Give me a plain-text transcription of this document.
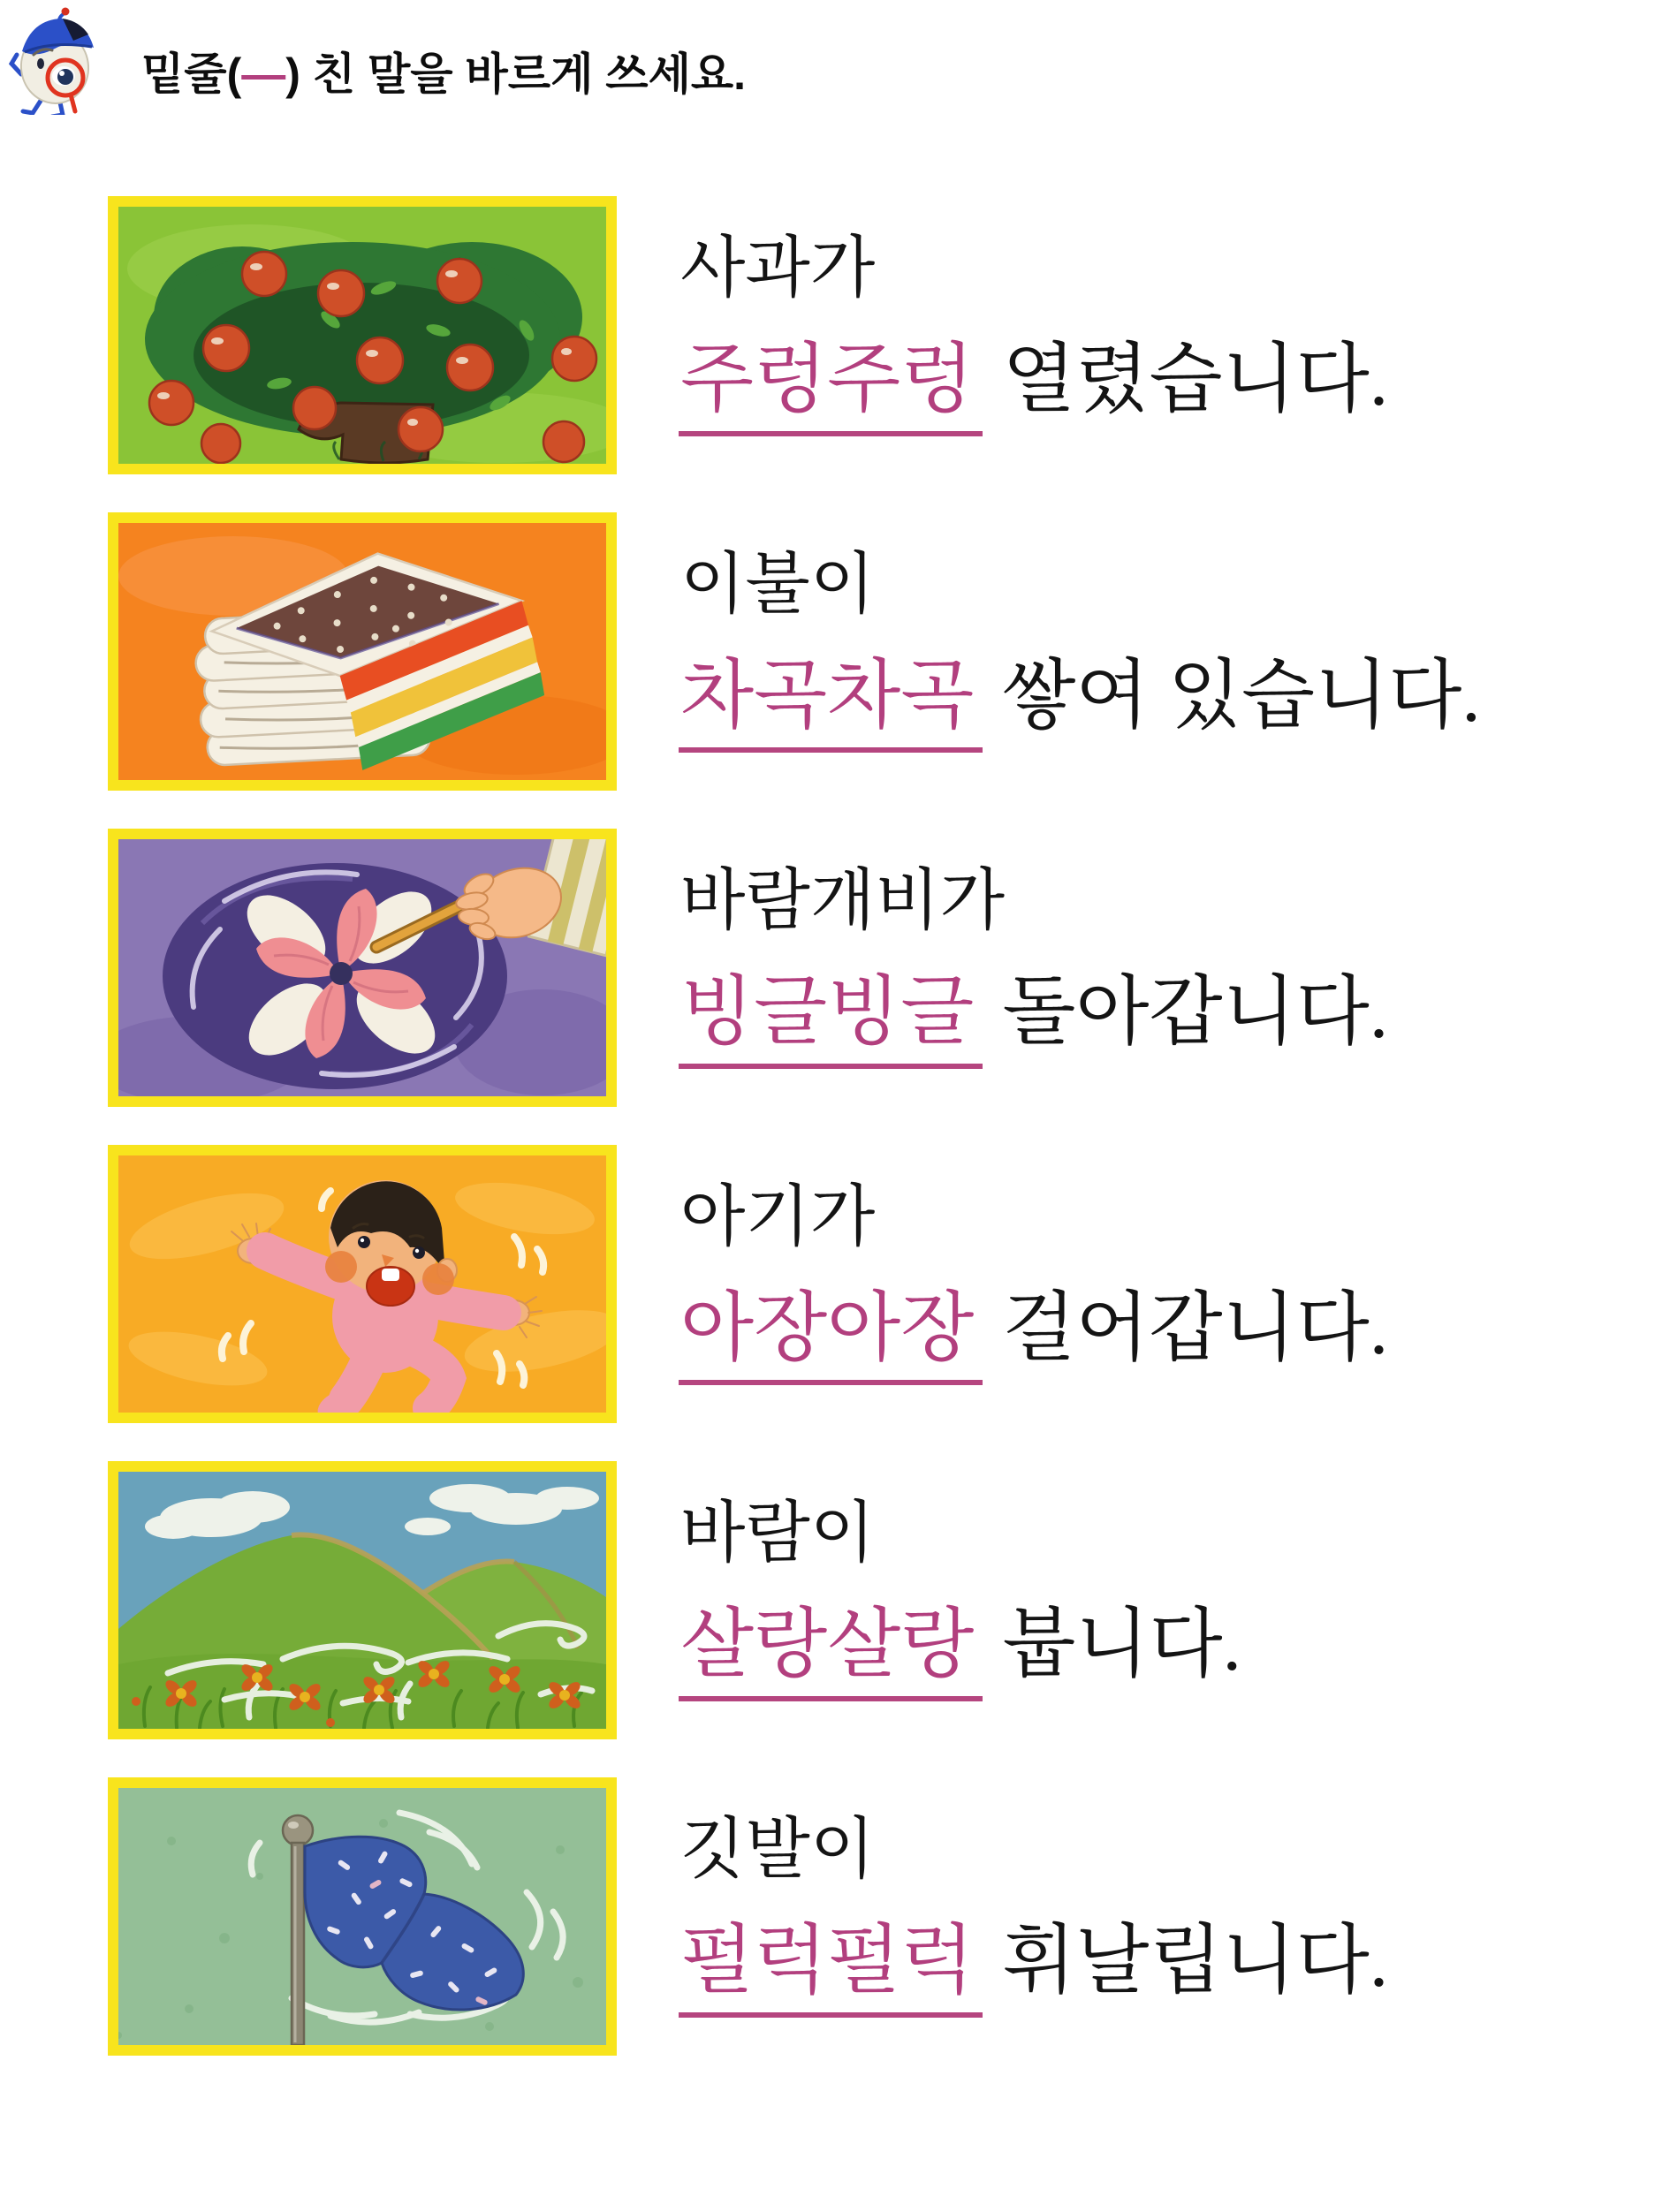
밑줄(—) 친 말을 바르게 쓰세요.
사과가
주렁주렁 열렸습니다.
이불이
차곡차곡 쌓여 있습니다.
바람개비가
빙글빙글 돌아갑니다.
아기가
아장아장 걸어갑니다.
바람이
살랑살랑 붑니다.
깃발이
펄럭펄럭 휘날립니다.
